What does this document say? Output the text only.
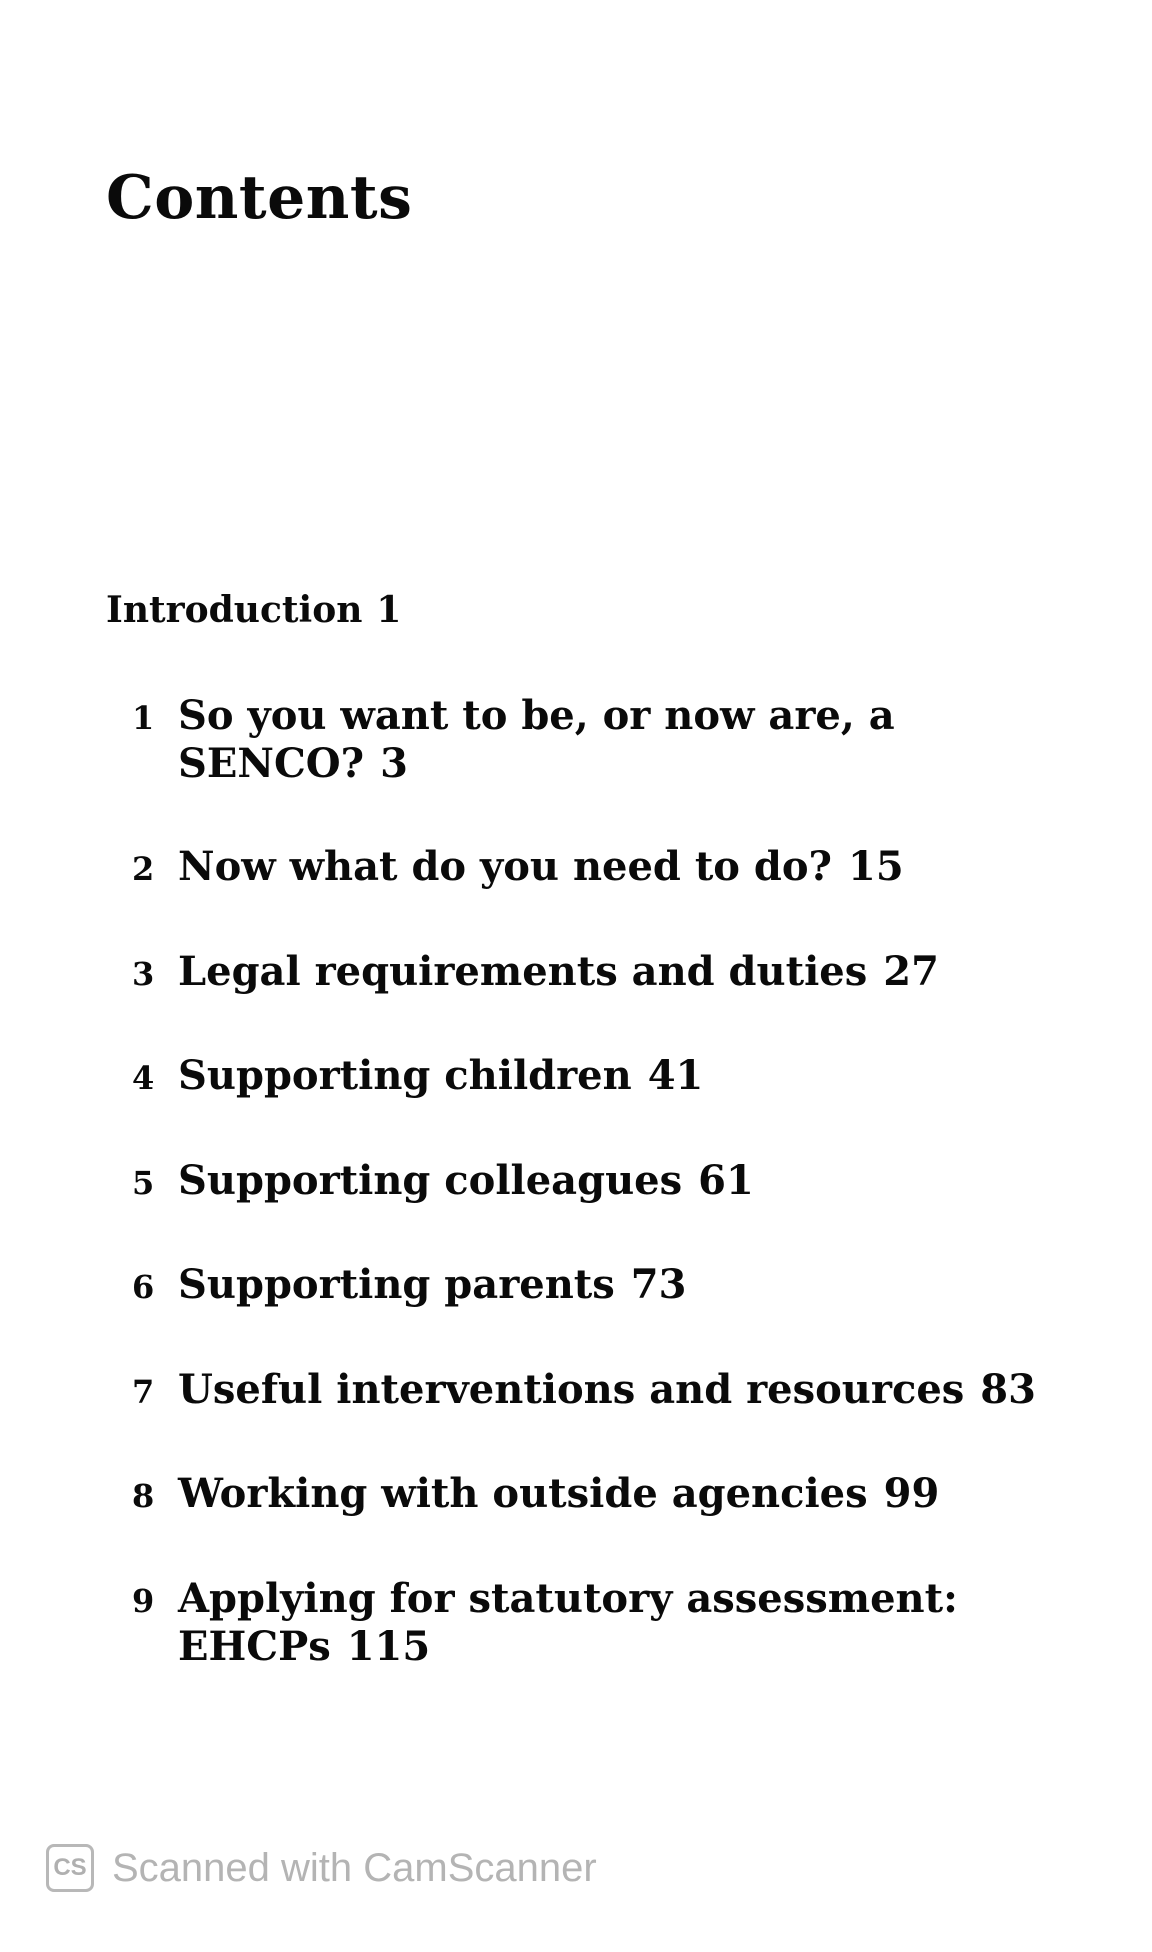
Contents
Introduction 1
1 So you want to be, or now are, a
SENCO? 3
2 Now what do you need to do? 15
3 Legal requirements and duties 27
4 Supporting children 41
5 Supporting colleagues 61
6 Supporting parents 73
7 Useful interventions and resources 83
8 Working with outside agencies 99
9 Applying for statutory assessment:
EHCPs 115
CS Scanned with CamScanner
